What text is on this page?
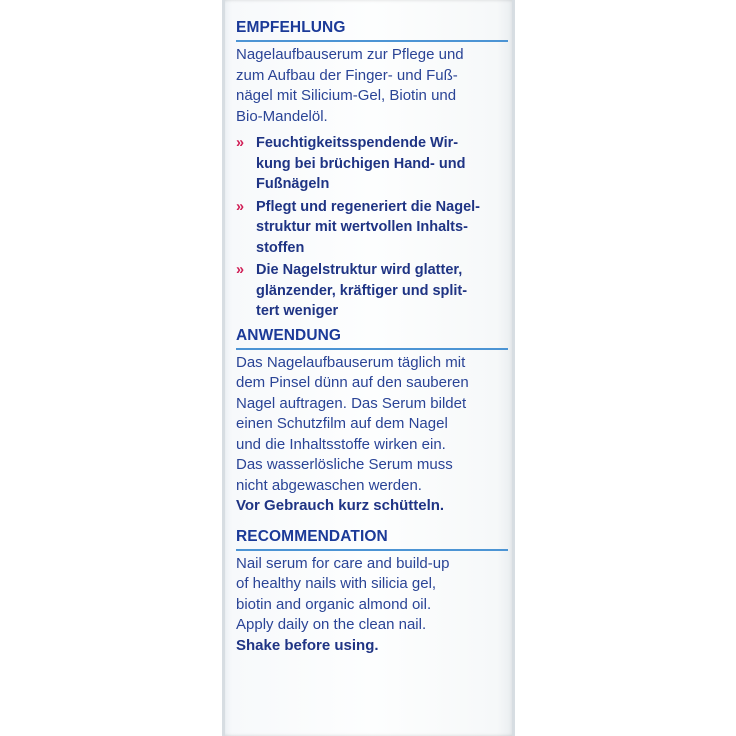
EMPFEHLUNG
Nagelaufbauserum zur Pflege und
zum Aufbau der Finger- und Fuß-
nägel mit Silicium-Gel, Biotin und
Bio-Mandelöl.
» Feuchtigkeitsspendende Wir-
kung bei brüchigen Hand- und
Fußnägeln
» Pflegt und regeneriert die Nagel-
struktur mit wertvollen Inhalts-
stoffen
» Die Nagelstruktur wird glatter,
glänzender, kräftiger und split-
tert weniger
ANWENDUNG
Das Nagelaufbauserum täglich mit
dem Pinsel dünn auf den sauberen
Nagel auftragen. Das Serum bildet
einen Schutzfilm auf dem Nagel
und die Inhaltsstoffe wirken ein.
Das wasserlösliche Serum muss
nicht abgewaschen werden.
Vor Gebrauch kurz schütteln.
RECOMMENDATION
Nail serum for care and build-up
of healthy nails with silicia gel,
biotin and organic almond oil.
Apply daily on the clean nail.
Shake before using.
